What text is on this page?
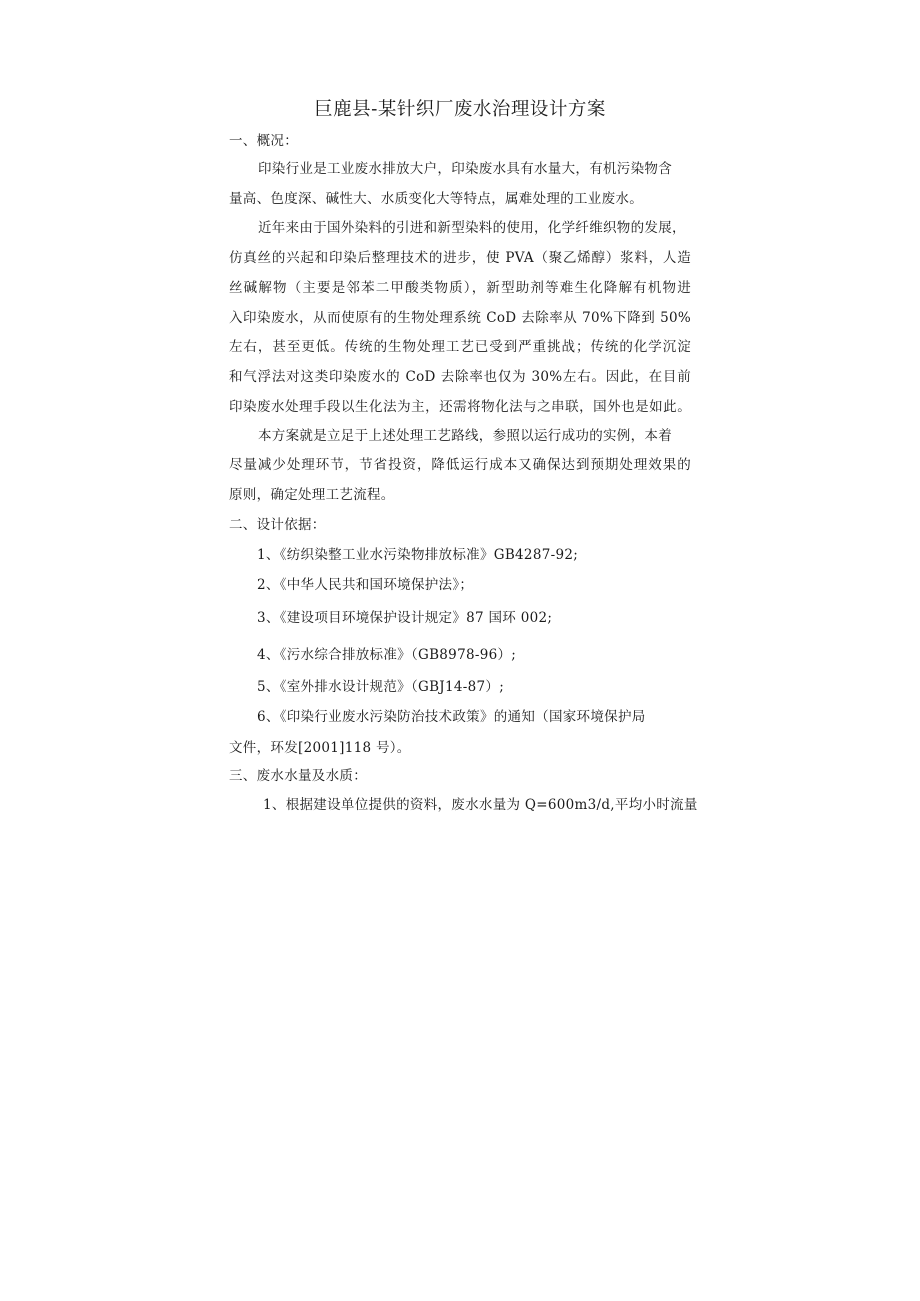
巨鹿县-某针织厂废水治理设计方案
一、概况：
印染行业是工业废水排放大户，印染废水具有水量大，有机污染物含
量高、色度深、碱性大、水质变化大等特点，属难处理的工业废水。
近年来由于国外染料的引进和新型染料的使用，化学纤维织物的发展，
仿真丝的兴起和印染后整理技术的进步，使 PVA（聚乙烯醇）浆料，人造
丝碱解物（主要是邻苯二甲酸类物质），新型助剂等难生化降解有机物进
入印染废水，从而使原有的生物处理系统 CoD 去除率从 70%下降到 50%
左右，甚至更低。传统的生物处理工艺已受到严重挑战；传统的化学沉淀
和气浮法对这类印染废水的 CoD 去除率也仅为 30%左右。因此，在目前
印染废水处理手段以生化法为主，还需将物化法与之串联，国外也是如此。
本方案就是立足于上述处理工艺路线，参照以运行成功的实例，本着
尽量减少处理环节，节省投资，降低运行成本又确保达到预期处理效果的
原则，确定处理工艺流程。
二、设计依据：
1、《纺织染整工业水污染物排放标准》GB4287-92;
2、《中华人民共和国环境保护法》；
3、《建设项目环境保护设计规定》87 国环 002;
4、《污水综合排放标准》（GB8978-96）;
5、《室外排水设计规范》（GBJ14-87）;
6、《印染行业废水污染防治技术政策》的通知（国家环境保护局
文件，环发[2001]118 号）。
三、废水水量及水质：
1、根据建设单位提供的资料，废水水量为 Q=600m3/d,平均小时流量
